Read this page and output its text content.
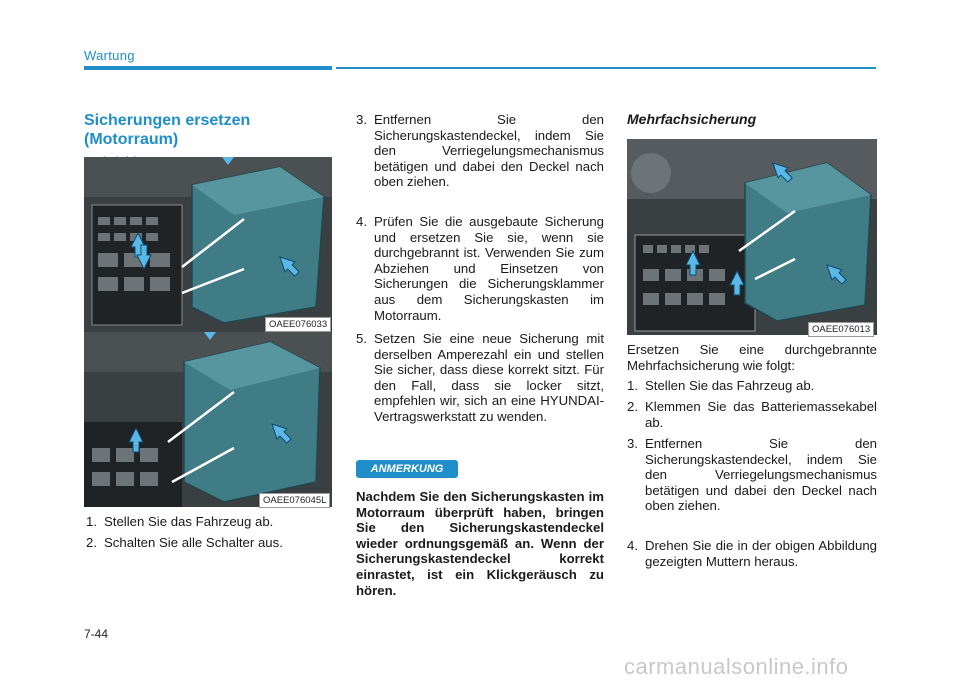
Wartung
Sicherungen ersetzen (Motorraum)
OAEE076033
OAEE076045L
1. Stellen Sie das Fahrzeug ab.
2. Schalten Sie alle Schalter aus.
3. Entfernen Sie den Sicherungskastendeckel, indem Sie den Verriegelungsmechanismus betätigen und dabei den Deckel nach oben ziehen.
4. Prüfen Sie die ausgebaute Sicherung und ersetzen Sie sie, wenn sie durchgebrannt ist. Verwenden Sie zum Abziehen und Einsetzen von Sicherungen die Sicherungsklammer aus dem Sicherungskasten im Motorraum.
5. Setzen Sie eine neue Sicherung mit derselben Amperezahl ein und stellen Sie sicher, dass diese korrekt sitzt. Für den Fall, dass sie locker sitzt, empfehlen wir, sich an eine HYUNDAI-Vertragswerkstatt zu wenden.
ANMERKUNG
Nachdem Sie den Sicherungskasten im Motorraum überprüft haben, bringen Sie den Sicherungskastendeckel wieder ordnungsgemäß an. Wenn der Sicherungskastendeckel korrekt einrastet, ist ein Klickgeräusch zu hören.
Mehrfachsicherung
OAEE076013
Ersetzen Sie eine durchgebrannte Mehrfachsicherung wie folgt:
1. Stellen Sie das Fahrzeug ab.
2. Klemmen Sie das Batteriemassekabel ab.
3. Entfernen Sie den Sicherungskastendeckel, indem Sie den Verriegelungsmechanismus betätigen und dabei den Deckel nach oben ziehen.
4. Drehen Sie die in der obigen Abbildung gezeigten Muttern heraus.
7-44
carmanualsonline.info
